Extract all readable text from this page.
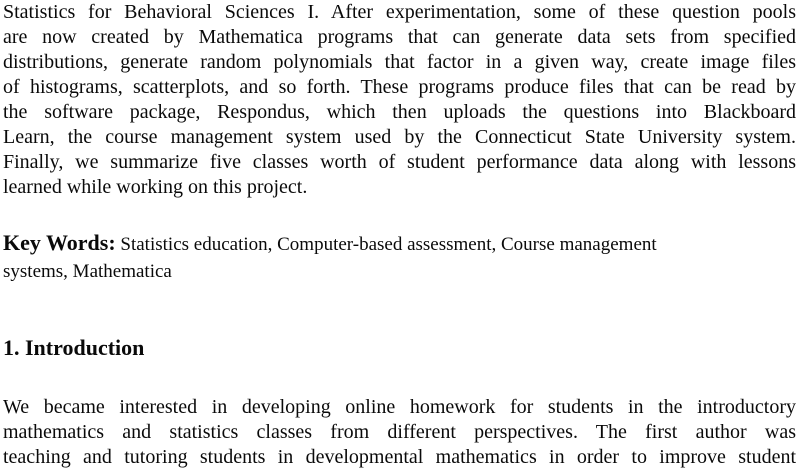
Statistics for Behavioral Sciences I. After experimentation, some of these question pools
are now created by Mathematica programs that can generate data sets from specified
distributions, generate random polynomials that factor in a given way, create image files
of histograms, scatterplots, and so forth. These programs produce files that can be read by
the software package, Respondus, which then uploads the questions into Blackboard
Learn, the course management system used by the Connecticut State University system.
Finally, we summarize five classes worth of student performance data along with lessons
learned while working on this project.
Key Words: Statistics education, Computer-based assessment, Course management
systems, Mathematica
1. Introduction
We became interested in developing online homework for students in the introductory
mathematics and statistics classes from different perspectives. The first author was
teaching and tutoring students in developmental mathematics in order to improve student
